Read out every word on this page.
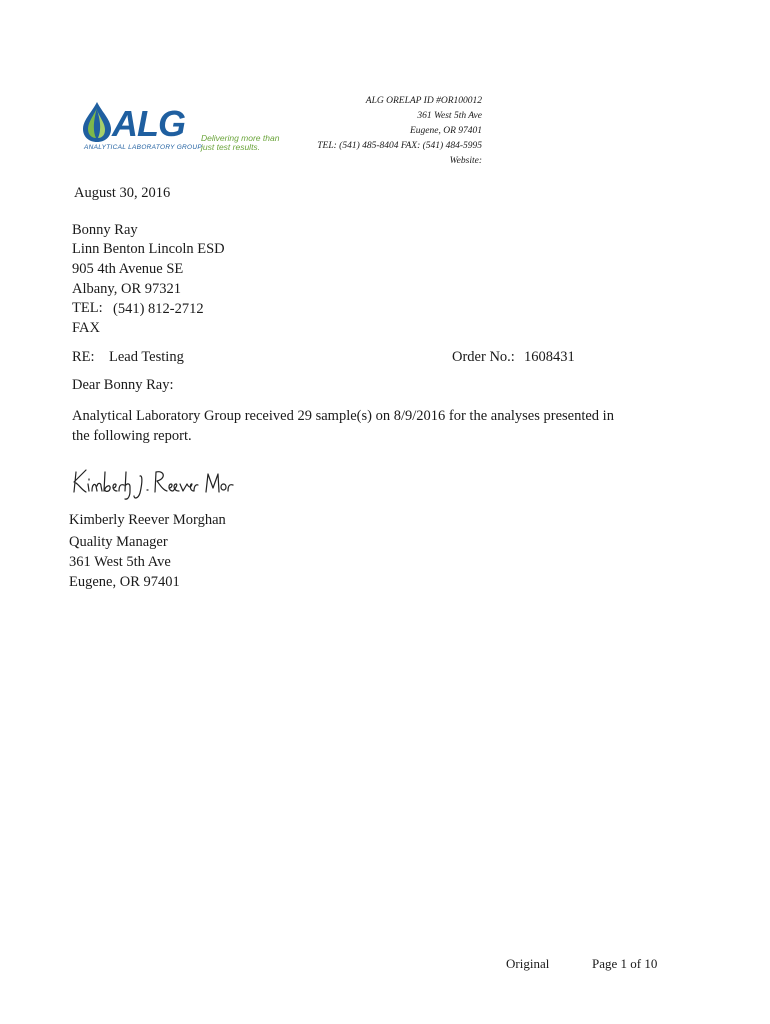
ALG
ANALYTICAL LABORATORY GROUP
Delivering more than
just test results.
ALG ORELAP ID #OR100012
361 West 5th Ave
Eugene, OR 97401
TEL: (541) 485-8404 FAX: (541) 484-5995
Website:
August 30, 2016
Bonny Ray
Linn Benton Lincoln ESD
905 4th Avenue SE
Albany, OR 97321
TEL: (541) 812-2712
FAX
RE: Lead Testing	Order No.: 1608431
Dear Bonny Ray:
Analytical Laboratory Group received 29 sample(s) on 8/9/2016 for the analyses presented in
the following report.
Kimberly Reever Morghan
Quality Manager
361 West 5th Ave
Eugene, OR 97401
Original	Page 1 of 10
